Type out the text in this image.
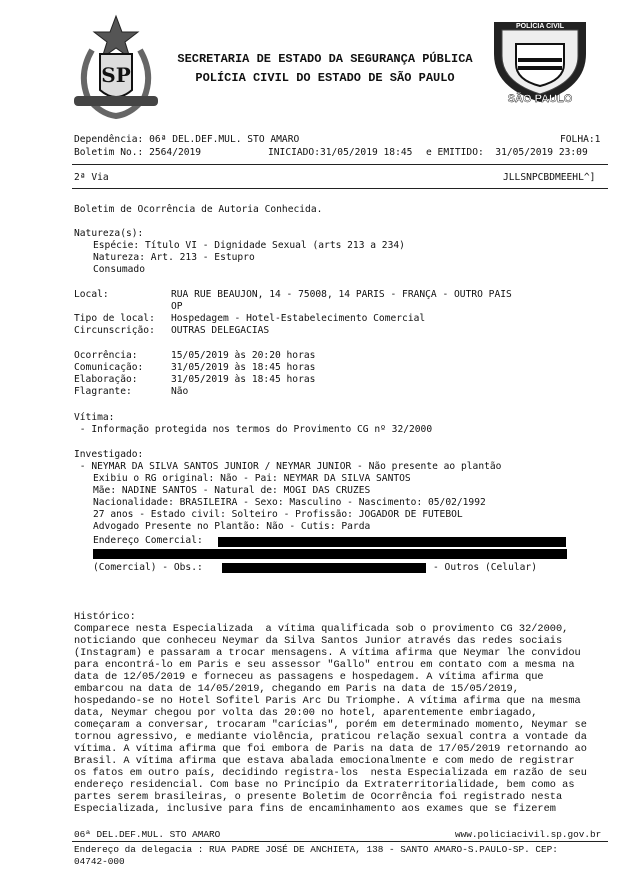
SP
POLÍCIA CIVIL
SÃO PAULO
SECRETARIA DE ESTADO DA SEGURANÇA PÚBLICA
POLÍCIA CIVIL DO ESTADO DE SÃO PAULO
Dependência: 06ª DEL.DEF.MUL. STO AMARO	FOLHA:1
Boletim No.: 2564/2019	INICIADO:31/05/2019 18:45 e EMITIDO:  31/05/2019 23:09
2ª Via	JLLSNPCBDMEEHL^]
Boletim de Ocorrência de Autoria Conhecida.
Natureza(s):
Espécie: Título VI - Dignidade Sexual (arts 213 a 234)
Natureza: Art. 213 - Estupro
Consumado
Local:	RUA RUE BEAUJON, 14 - 75008, 14 PARIS - FRANÇA - OUTRO PAIS
OP
Tipo de local: Hospedagem - Hotel-Estabelecimento Comercial
Circunscrição: OUTRAS DELEGACIAS
Ocorrência:	15/05/2019 às 20:20 horas
Comunicação:	31/05/2019 às 18:45 horas
Elaboração:	31/05/2019 às 18:45 horas
Flagrante:	Não
Vítima:
- Informação protegida nos termos do Provimento CG nº 32/2000
Investigado:
- NEYMAR DA SILVA SANTOS JUNIOR / NEYMAR JUNIOR - Não presente ao plantão
Exibiu o RG original: Não - Pai: NEYMAR DA SILVA SANTOS
Mãe: NADINE SANTOS - Natural de: MOGI DAS CRUZES
Nacionalidade: BRASILEIRA - Sexo: Masculino - Nascimento: 05/02/1992
27 anos - Estado civil: Solteiro - Profissão: JOGADOR DE FUTEBOL
Advogado Presente no Plantão: Não - Cutis: Parda
Endereço Comercial:
(Comercial) - Obs.:	- Outros (Celular)
Histórico:
Comparece nesta Especializada  a vítima qualificada sob o provimento CG 32/2000,
noticiando que conheceu Neymar da Silva Santos Junior através das redes sociais
(Instagram) e passaram a trocar mensagens. A vítima afirma que Neymar lhe convidou
para encontrá-lo em Paris e seu assessor "Gallo" entrou em contato com a mesma na
data de 12/05/2019 e forneceu as passagens e hospedagem. A vítima afirma que
embarcou na data de 14/05/2019, chegando em Paris na data de 15/05/2019,
hospedando-se no Hotel Sofitel Paris Arc Du Triomphe. A vítima afirma que na mesma
data, Neymar chegou por volta das 20:00 no hotel, aparentemente embriagado,
começaram a conversar, trocaram "carícias", porém em determinado momento, Neymar se
tornou agressivo, e mediante violência, praticou relação sexual contra a vontade da
vítima. A vítima afirma que foi embora de Paris na data de 17/05/2019 retornando ao
Brasil. A vítima afirma que estava abalada emocionalmente e com medo de registrar
os fatos em outro país, decidindo registra-los  nesta Especializada em razão de seu
endereço residencial. Com base no Princípio da Extraterritorialidade, bem como as
partes serem brasileiras, o presente Boletim de Ocorrência foi registrado nesta
Especializada, inclusive para fins de encaminhamento aos exames que se fizerem
06ª DEL.DEF.MUL. STO AMARO	www.policiacivil.sp.gov.br
Endereço da delegacia : RUA PADRE JOSÉ DE ANCHIETA, 138 - SANTO AMARO-S.PAULO-SP. CEP:
04742-000
